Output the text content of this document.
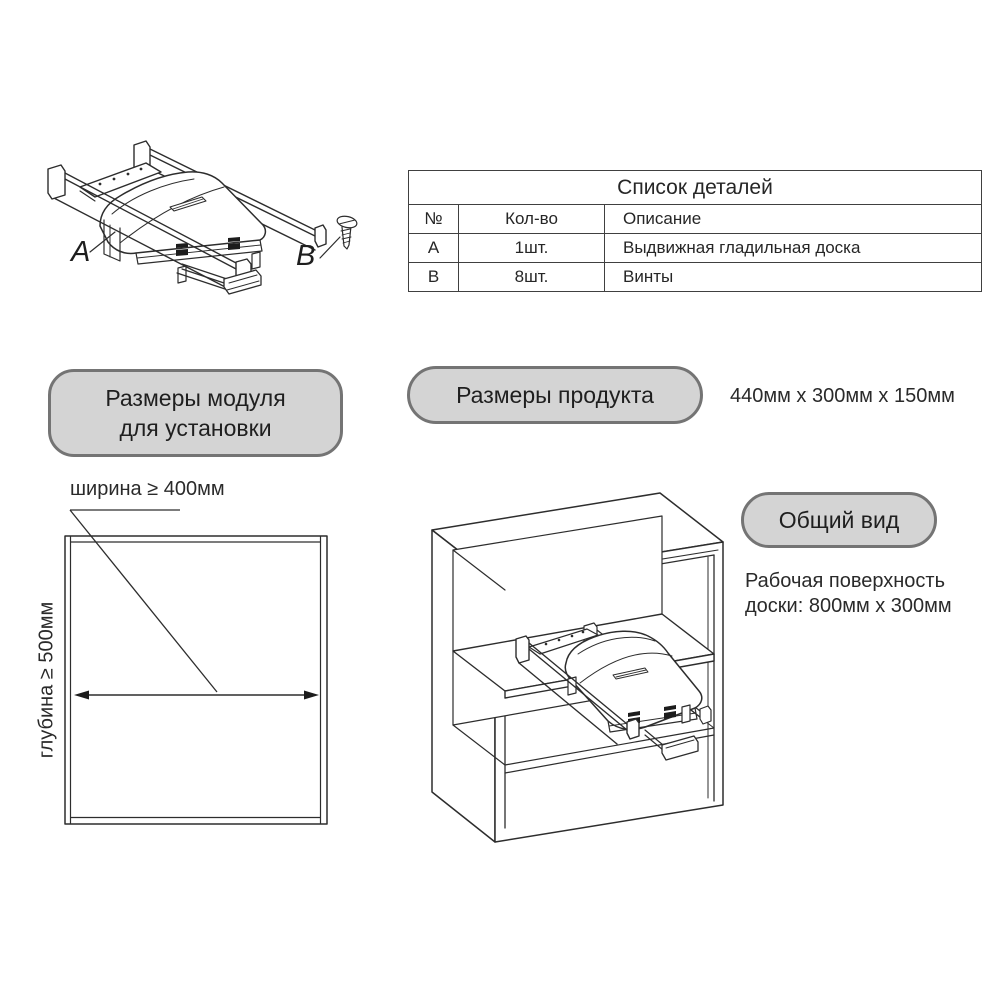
A	B
Список деталей		
№	Кол-во	Описание
A	1шт.	Выдвижная гладильная доска
B	8шт.	Винты
Размеры модуля
для установки
Размеры продукта	440мм x 300мм x 150мм
ширина ≥ 400мм
глубина ≥ 500мм
Общий вид
Рабочая поверхность
доски: 800мм x 300мм
